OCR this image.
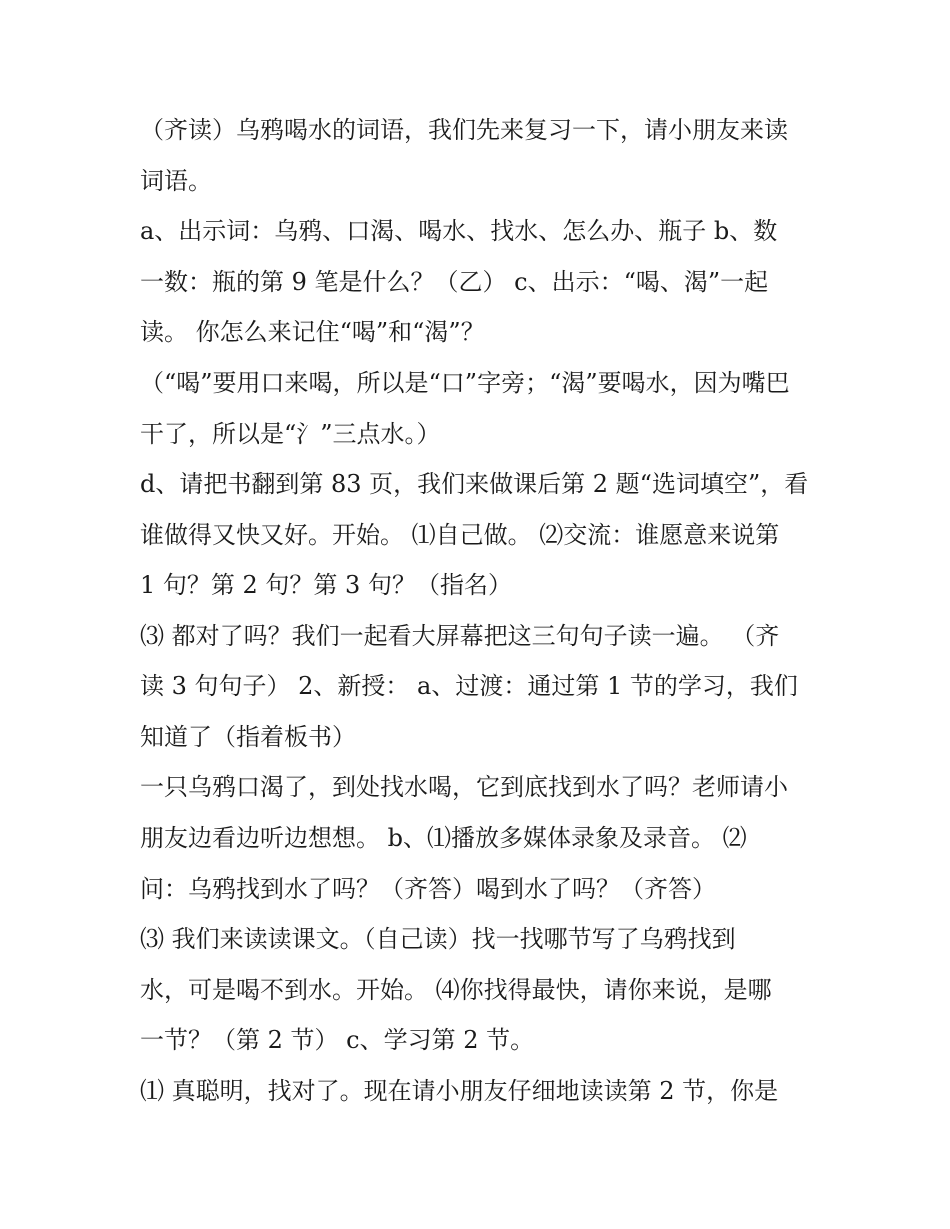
（齐读）乌鸦喝水的词语，我们先来复习一下，请小朋友来读
词语。
a、出示词：乌鸦、口渴、喝水、找水、怎么办、瓶子 b、数
一数：瓶的第 9 笔是什么？（乙） c、出示：“喝、渴”一起
读。 你怎么来记住“喝”和“渴”？
（“喝”要用口来喝，所以是“口”字旁；“渴”要喝水，因为嘴巴
干了，所以是“氵”三点水。）
d、请把书翻到第 83 页，我们来做课后第 2 题“选词填空”，看
谁做得又快又好。开始。 ⑴自己做。 ⑵交流：谁愿意来说第
1 句？第 2 句？第 3 句？（指名）
⑶ 都对了吗？我们一起看大屏幕把这三句句子读一遍。 （齐
读 3 句句子） 2、新授： a、过渡：通过第 1 节的学习，我们
知道了（指着板书）
一只乌鸦口渴了，到处找水喝，它到底找到水了吗？老师请小
朋友边看边听边想想。 b、⑴播放多媒体录象及录音。 ⑵
问：乌鸦找到水了吗？（齐答）喝到水了吗？（齐答）
⑶ 我们来读读课文。（自己读）找一找哪节写了乌鸦找到
水，可是喝不到水。开始。 ⑷你找得最快，请你来说，是哪
一节？（第 2 节） c、学习第 2 节。
⑴ 真聪明，找对了。现在请小朋友仔细地读读第 2 节，你是
